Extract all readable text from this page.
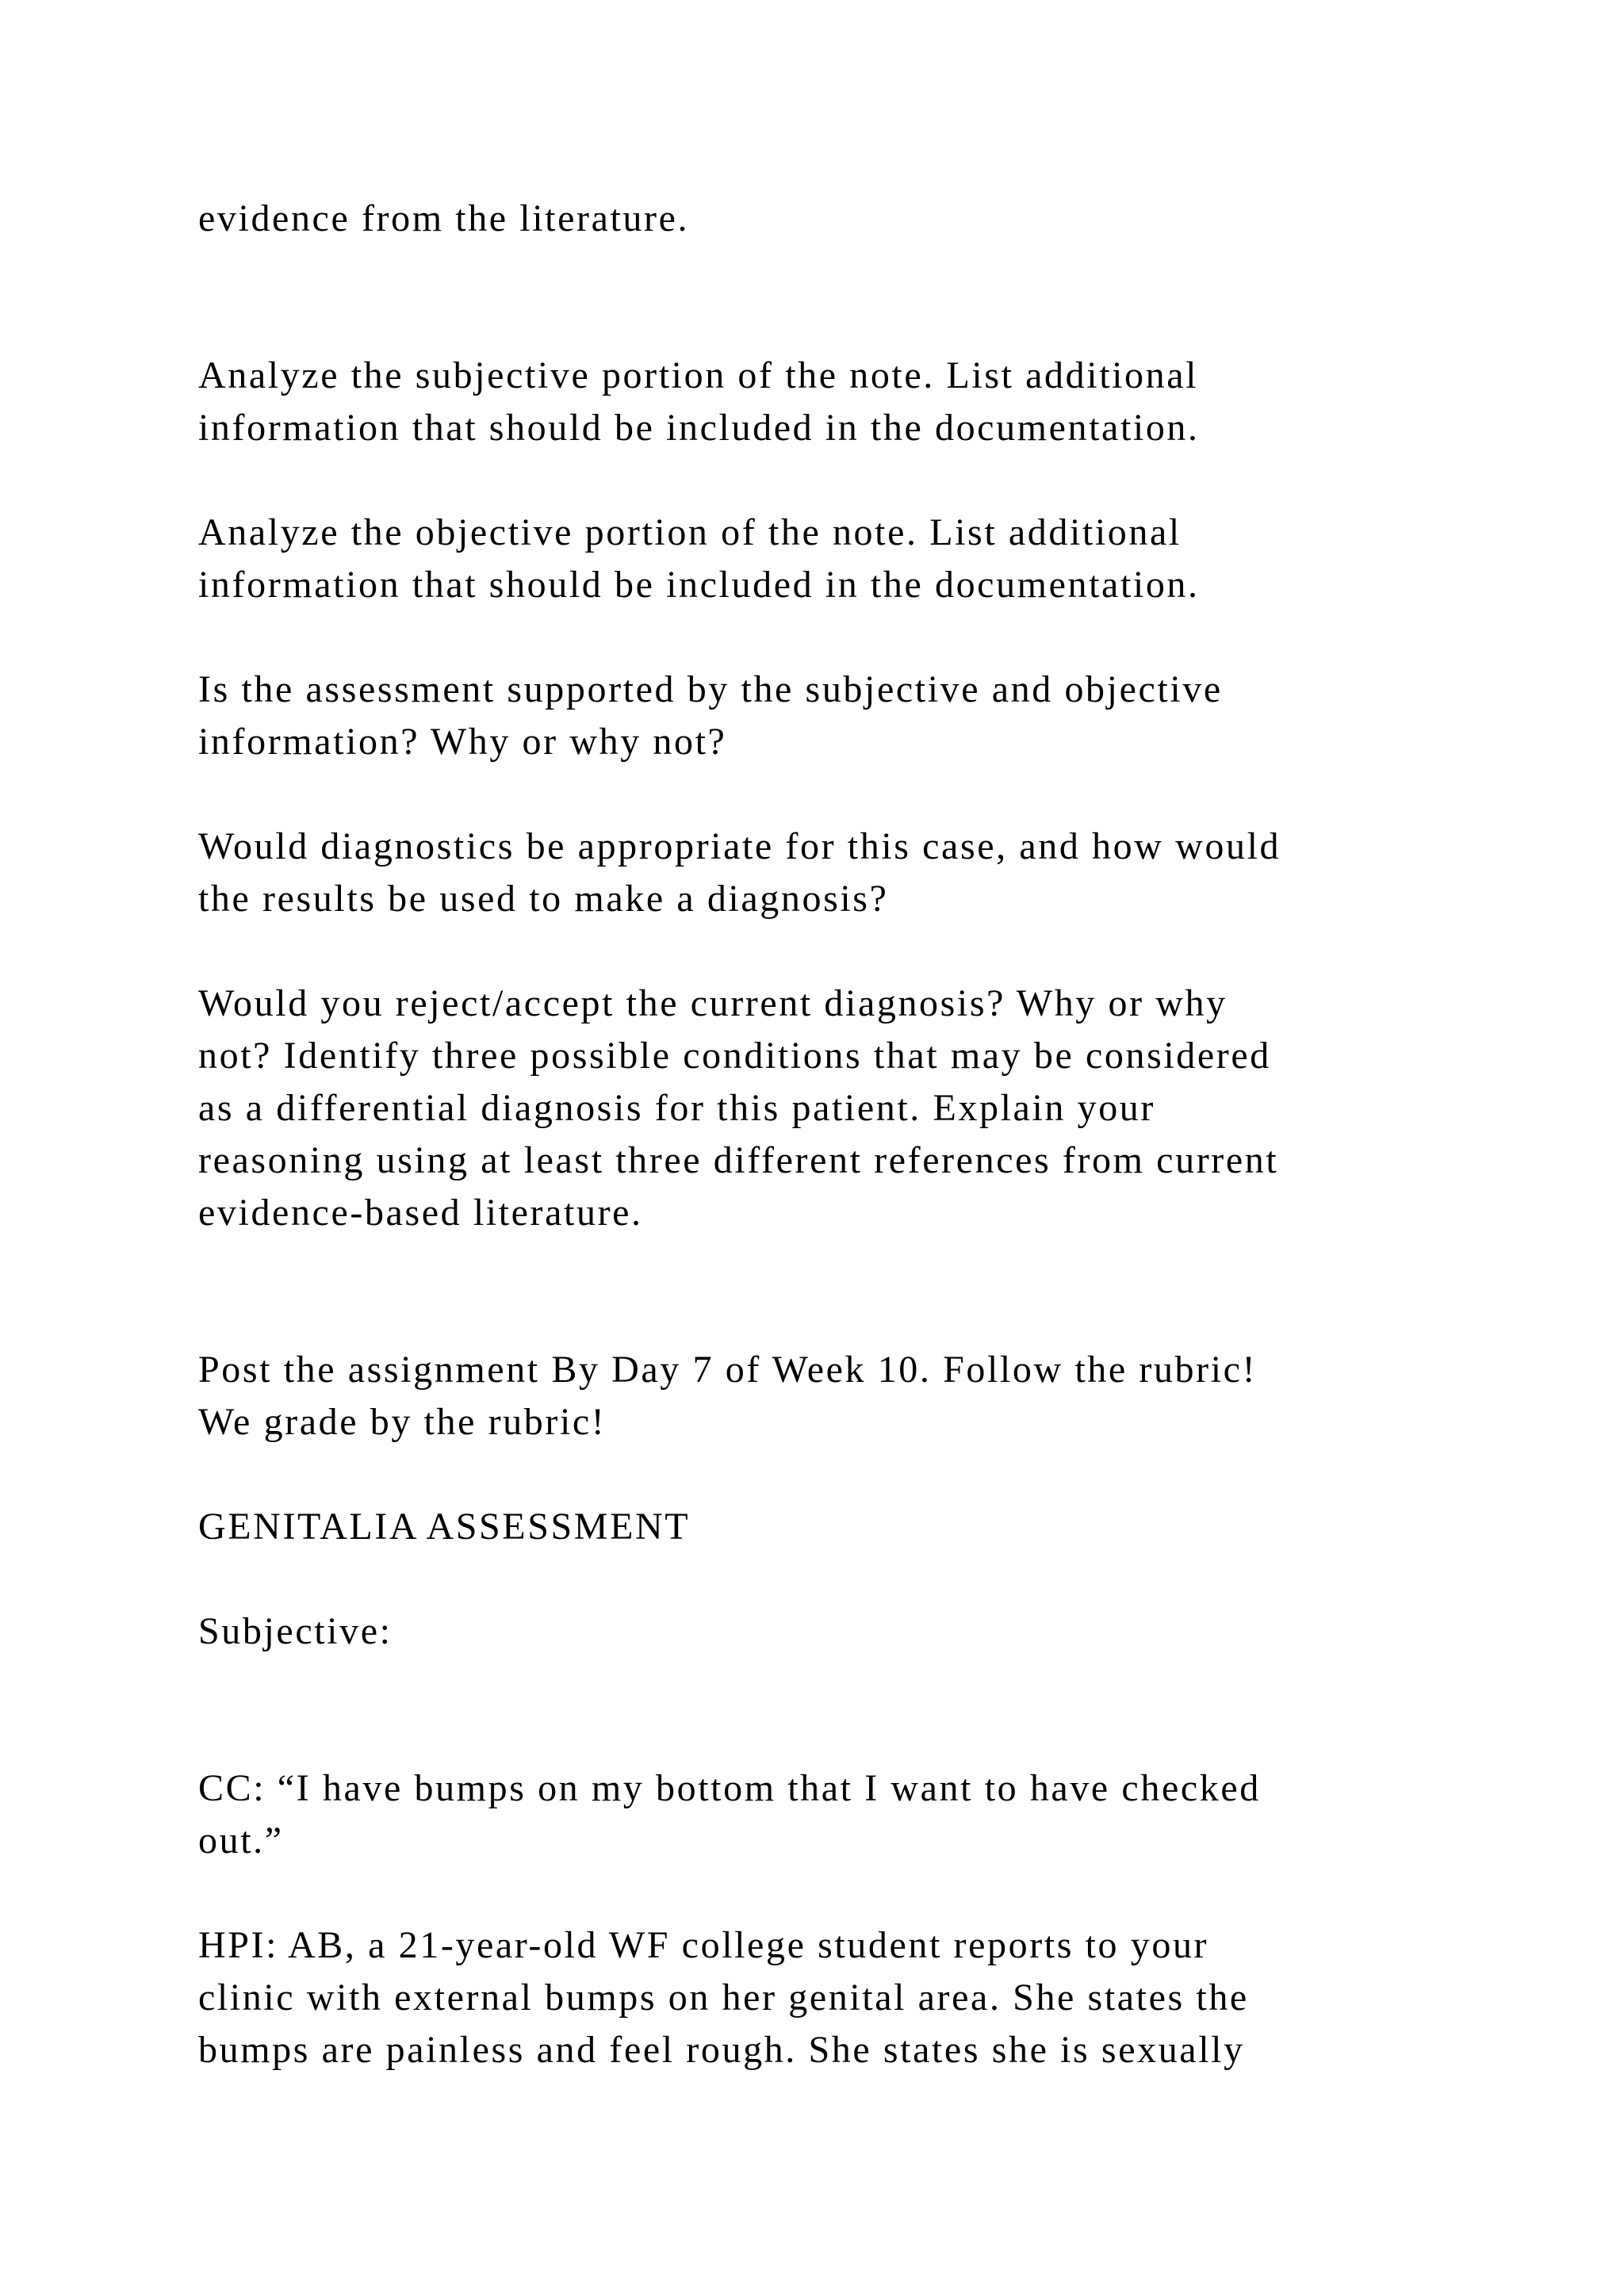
evidence from the literature.

Analyze the subjective portion of the note. List additional

information that should be included in the documentation.

Analyze the objective portion of the note. List additional

information that should be included in the documentation.

Is the assessment supported by the subjective and objective

information? Why or why not?

Would diagnostics be appropriate for this case, and how would

the results be used to make a diagnosis?

Would you reject/accept the current diagnosis? Why or why

not? Identify three possible conditions that may be considered

as a differential diagnosis for this patient. Explain your

reasoning using at least three different references from current

evidence-based literature.

Post the assignment By Day 7 of Week 10. Follow the rubric!

We grade by the rubric!

GENITALIA ASSESSMENT

Subjective:

CC: “I have bumps on my bottom that I want to have checked

out.”

HPI: AB, a 21-year-old WF college student reports to your

clinic with external bumps on her genital area. She states the

bumps are painless and feel rough. She states she is sexually
